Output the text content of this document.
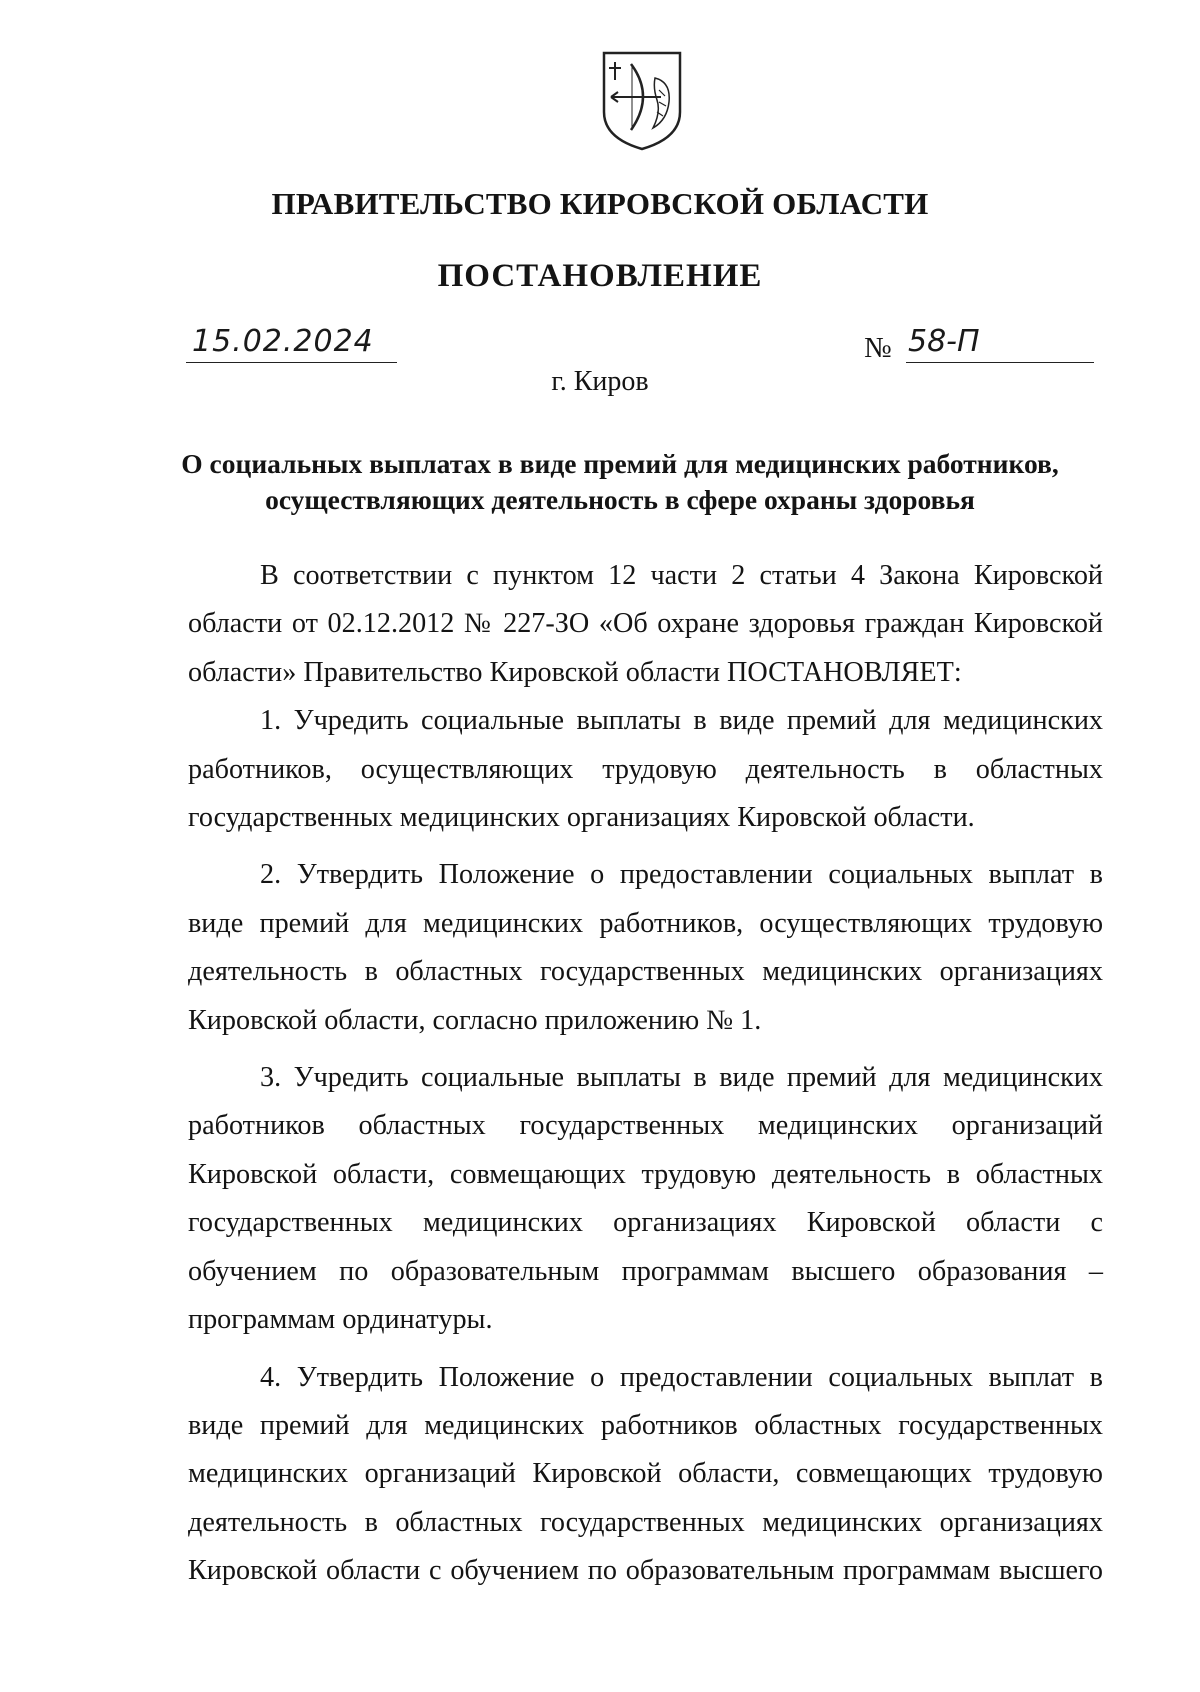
ПРАВИТЕЛЬСТВО КИРОВСКОЙ ОБЛАСТИ
ПОСТАНОВЛЕНИЕ
15.02.2024	№ 58-П
г. Киров
О социальных выплатах в виде премий для медицинских работников,
осуществляющих деятельность в сфере охраны здоровья

В соответствии с пунктом 12 части 2 статьи 4 Закона Кировской области от 02.12.2012 № 227-ЗО «Об охране здоровья граждан Кировской области» Правительство Кировской области ПОСТАНОВЛЯЕТ:

1. Учредить социальные выплаты в виде премий для медицинских работников, осуществляющих трудовую деятельность в областных государственных медицинских организациях Кировской области.

2. Утвердить Положение о предоставлении социальных выплат в виде премий для медицинских работников, осуществляющих трудовую деятельность в областных государственных медицинских организациях Кировской области, согласно приложению № 1.

3. Учредить социальные выплаты в виде премий для медицинских работников областных государственных медицинских организаций Кировской области, совмещающих трудовую деятельность в областных государственных медицинских организациях Кировской области с обучением по образовательным программам высшего образования – программам ординатуры.

4. Утвердить Положение о предоставлении социальных выплат в виде премий для медицинских работников областных государственных медицинских организаций Кировской области, совмещающих трудовую деятельность в областных государственных медицинских организациях Кировской области с обучением по образовательным программам высшего
